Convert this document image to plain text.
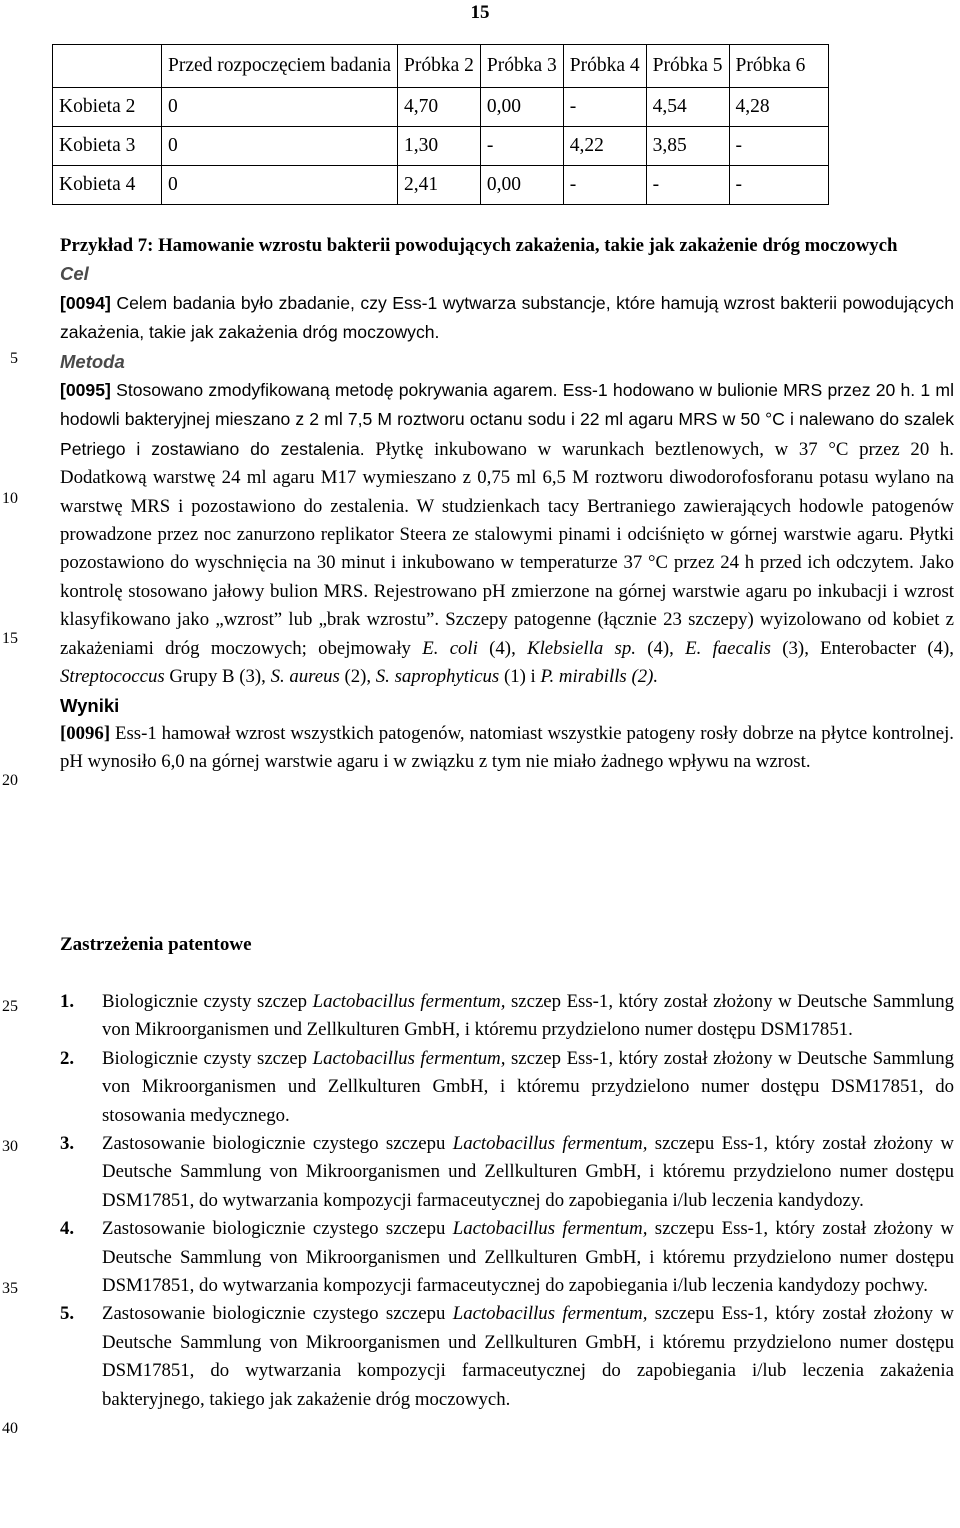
15
	Przed rozpoczęciem badania	Próbka 2	Próbka 3	Próbka 4	Próbka 5	Próbka 6
Kobieta 2	0	4,70	0,00	-	4,54	4,28
Kobieta 3	0	1,30	-	4,22	3,85	-
Kobieta 4	0	2,41	0,00	-	-	-
5
10
15
20
25
30
35
40

Przykład 7: Hamowanie wzrostu bakterii powodujących zakażenia, takie jak zakażenie dróg moczowych

Cel

[0094] Celem badania było zbadanie, czy Ess-1 wytwarza substancje, które hamują wzrost bakterii powodujących zakażenia, takie jak zakażenia dróg moczowych.

Metoda

[0095] Stosowano zmodyfikowaną metodę pokrywania agarem. Ess-1 hodowano w bulionie MRS przez 20 h. 1 ml hodowli bakteryjnej mieszano z 2 ml 7,5 M roztworu octanu sodu i 22 ml agaru MRS w 50 °C i nalewano do szalek Petriego i zostawiano do zestalenia. Płytkę inkubowano w warunkach beztlenowych, w 37 °C przez 20 h. Dodatkową warstwę 24 ml agaru M17 wymieszano z 0,75 ml 6,5 M roztworu diwodorofosforanu potasu wylano na warstwę MRS i pozostawiono do zestalenia. W studzienkach tacy Bertraniego zawierających hodowle patogenów prowadzone przez noc zanurzono replikator Steera ze stalowymi pinami i odciśnięto w górnej warstwie agaru. Płytki pozostawiono do wyschnięcia na 30 minut i inkubowano w temperaturze 37 °C przez 24 h przed ich odczytem. Jako kontrolę stosowano jałowy bulion MRS. Rejestrowano pH zmierzone na górnej warstwie agaru po inkubacji i wzrost klasyfikowano jako „wzrost” lub „brak wzrostu”. Szczepy patogenne (łącznie 23 szczepy) wyizolowano od kobiet z zakażeniami dróg moczowych; obejmowały E. coli (4), Klebsiella sp. (4), E. faecalis (3), Enterobacter (4), Streptococcus Grupy B (3), S. aureus (2), S. saprophyticus (1) i P. mirabills (2).

Wyniki

[0096] Ess-1 hamował wzrost wszystkich patogenów, natomiast wszystkie patogeny rosły dobrze na płytce kontrolnej. pH wynosiło 6,0 na górnej warstwie agaru i w związku z tym nie miało żadnego wpływu na wzrost.

Zastrzeżenia patentowe
1.	Biologicznie czysty szczep Lactobacillus fermentum, szczep Ess-1, który został złożony w Deutsche Sammlung von Mikroorganismen und Zellkulturen GmbH, i któremu przydzielono numer dostępu DSM17851.
2.	Biologicznie czysty szczep Lactobacillus fermentum, szczep Ess-1, który został złożony w Deutsche Sammlung von Mikroorganismen und Zellkulturen GmbH, i któremu przydzielono numer dostępu DSM17851, do stosowania medycznego.
3.	Zastosowanie biologicznie czystego szczepu Lactobacillus fermentum, szczepu Ess-1, który został złożony w Deutsche Sammlung von Mikroorganismen und Zellkulturen GmbH, i któremu przydzielono numer dostępu DSM17851, do wytwarzania kompozycji farmaceutycznej do zapobiegania i/lub leczenia kandydozy.
4.	Zastosowanie biologicznie czystego szczepu Lactobacillus fermentum, szczepu Ess-1, który został złożony w Deutsche Sammlung von Mikroorganismen und Zellkulturen GmbH, i któremu przydzielono numer dostępu DSM17851, do wytwarzania kompozycji farmaceutycznej do zapobiegania i/lub leczenia kandydozy pochwy.
5.	Zastosowanie biologicznie czystego szczepu Lactobacillus fermentum, szczepu Ess-1, który został złożony w Deutsche Sammlung von Mikroorganismen und Zellkulturen GmbH, i któremu przydzielono numer dostępu DSM17851, do wytwarzania kompozycji farmaceutycznej do zapobiegania i/lub leczenia zakażenia bakteryjnego, takiego jak zakażenie dróg moczowych.
